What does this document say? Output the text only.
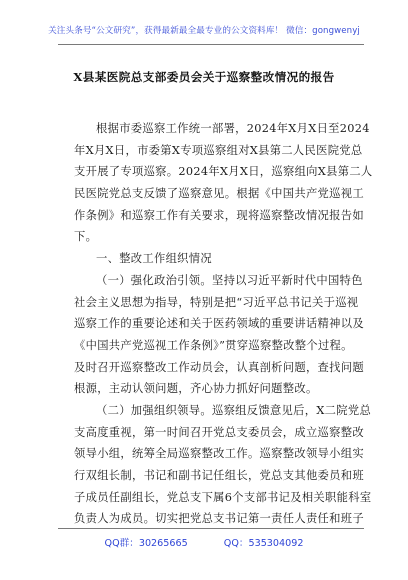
关注头条号“公文研究”，获得最新最全最专业的公文资料库！ 微信：gongwenyj
X县某医院总支部委员会关于巡察整改情况的报告
根据市委巡察工作统一部署，2024年X月X日至2024
年X月X日，市委第X专项巡察组对X县第二人民医院党总
支开展了专项巡察。2024年X月X日，巡察组向X县第二人
民医院党总支反馈了巡察意见。根据《中国共产党巡视工
作条例》和巡察工作有关要求，现将巡察整改情况报告如
下。
一、整改工作组织情况
（一）强化政治引领。坚持以习近平新时代中国特色
社会主义思想为指导，特别是把“习近平总书记关于巡视
巡察工作的重要论述和关于医药领域的重要讲话精神以及
《中国共产党巡视工作条例》”贯穿巡察整改整个过程。
及时召开巡察整改工作动员会，认真剖析问题，查找问题
根源，主动认领问题，齐心协力抓好问题整改。
（二）加强组织领导。巡察组反馈意见后，X二院党总
支高度重视，第一时间召开党总支委员会，成立巡察整改
领导小组，统筹全局巡察整改工作。巡察整改领导小组实
行双组长制，书记和副书记任组长，党总支其他委员和班
子成员任副组长，党总支下属6个支部书记及相关职能科室
负责人为成员。切实把党总支书记第一责任人责任和班子
QQ群：30265665	QQ：535304092
